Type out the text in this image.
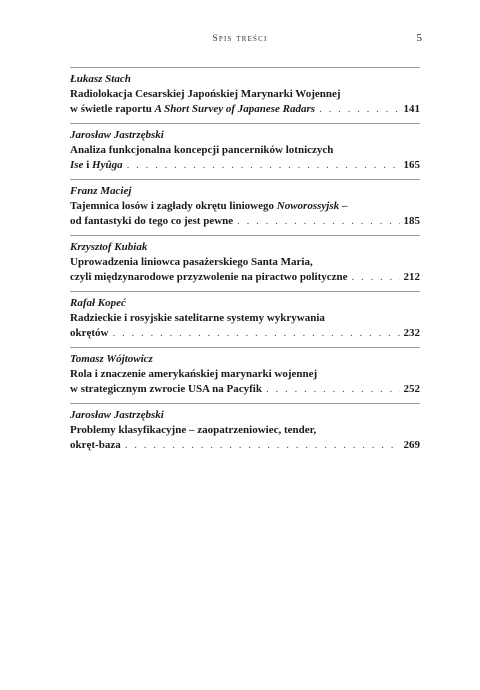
Spis treści	5
Łukasz Stach
Radiolokacja Cesarskiej Japońskiej Marynarki Wojennej
w świetle raportu A Short Survey of Japanese Radars . . .	141
Jarosław Jastrzębski
Analiza funkcjonalna koncepcji pancerników lotniczych
Ise i Hyûga . . .	165
Franz Maciej
Tajemnica losów i zagłady okrętu liniowego Noworossyjsk –
od fantastyki do tego co jest pewne . . .	185
Krzysztof Kubiak
Uprowadzenia liniowca pasażerskiego Santa Maria,
czyli międzynarodowe przyzwolenie na piractwo polityczne . . .	212
Rafał Kopeć
Radzieckie i rosyjskie satelitarne systemy wykrywania
okrętów . . .	232
Tomasz Wójtowicz
Rola i znaczenie amerykańskiej marynarki wojennej
w strategicznym zwrocie USA na Pacyfik . . .	252
Jarosław Jastrzębski
Problemy klasyfikacyjne – zaopatrzeniowiec, tender,
okręt-baza . . .	269
